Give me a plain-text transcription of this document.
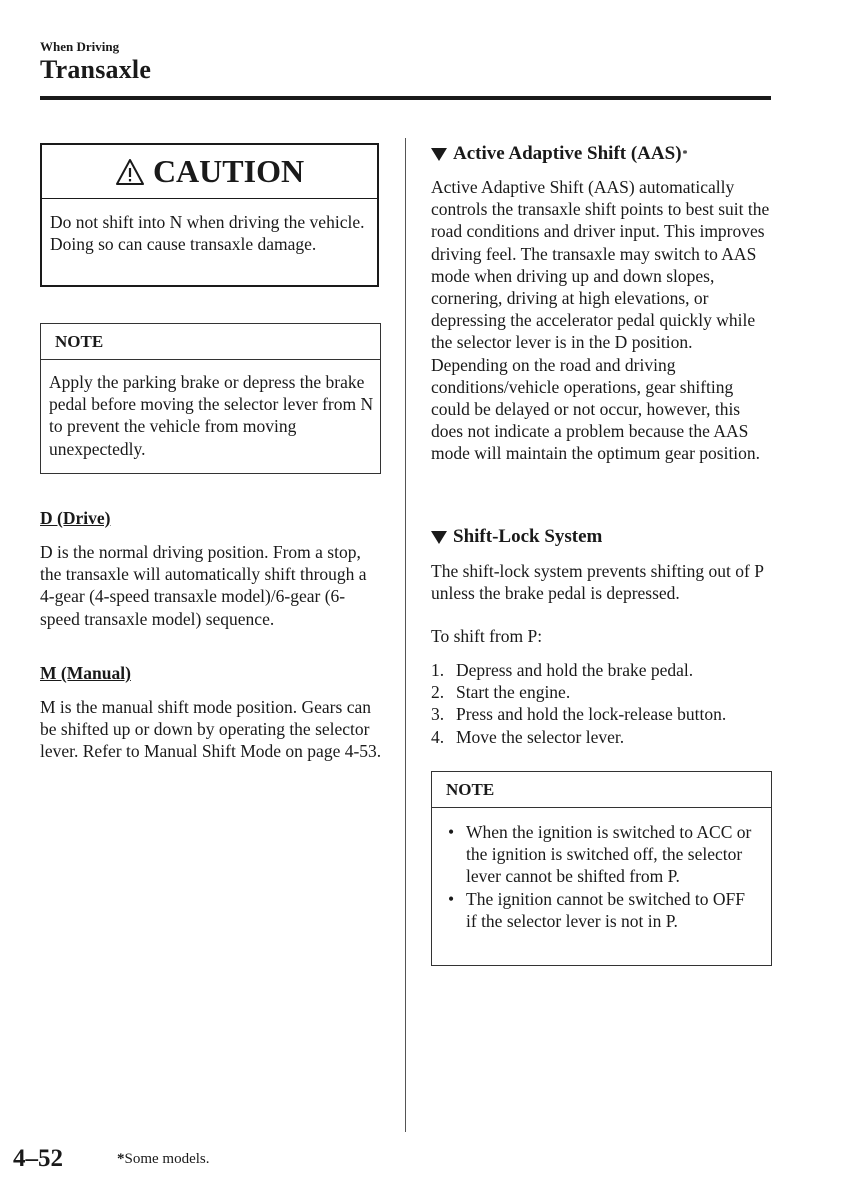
When Driving
Transaxle
CAUTION

Do not shift into N when driving the vehicle. Doing so can cause transaxle damage.

NOTE

Apply the parking brake or depress the brake pedal before moving the selector lever from N to prevent the vehicle from moving unexpectedly.

D (Drive)

D is the normal driving position. From a stop, the transaxle will automatically shift through a 4-gear (4-speed transaxle model)/6-gear (6-speed transaxle model) sequence.

M (Manual)

M is the manual shift mode position. Gears can be shifted up or down by operating the selector lever. Refer to Manual Shift Mode on page 4-53.

Active Adaptive Shift (AAS) *

Active Adaptive Shift (AAS) automatically controls the transaxle shift points to best suit the road conditions and driver input. This improves driving feel. The transaxle may switch to AAS mode when driving up and down slopes, cornering, driving at high elevations, or depressing the accelerator pedal quickly while the selector lever is in the D position. Depending on the road and driving conditions/vehicle operations, gear shifting could be delayed or not occur, however, this does not indicate a problem because the AAS mode will maintain the optimum gear position.

Shift-Lock System

The shift-lock system prevents shifting out of P unless the brake pedal is depressed.

To shift from P:

1. Depress and hold the brake pedal.
2. Start the engine.
3. Press and hold the lock-release button.
4. Move the selector lever.
NOTE
• When the ignition is switched to ACC or the ignition is switched off, the selector lever cannot be shifted from P.
• The ignition cannot be switched to OFF if the selector lever is not in P.
4–52	*Some models.
